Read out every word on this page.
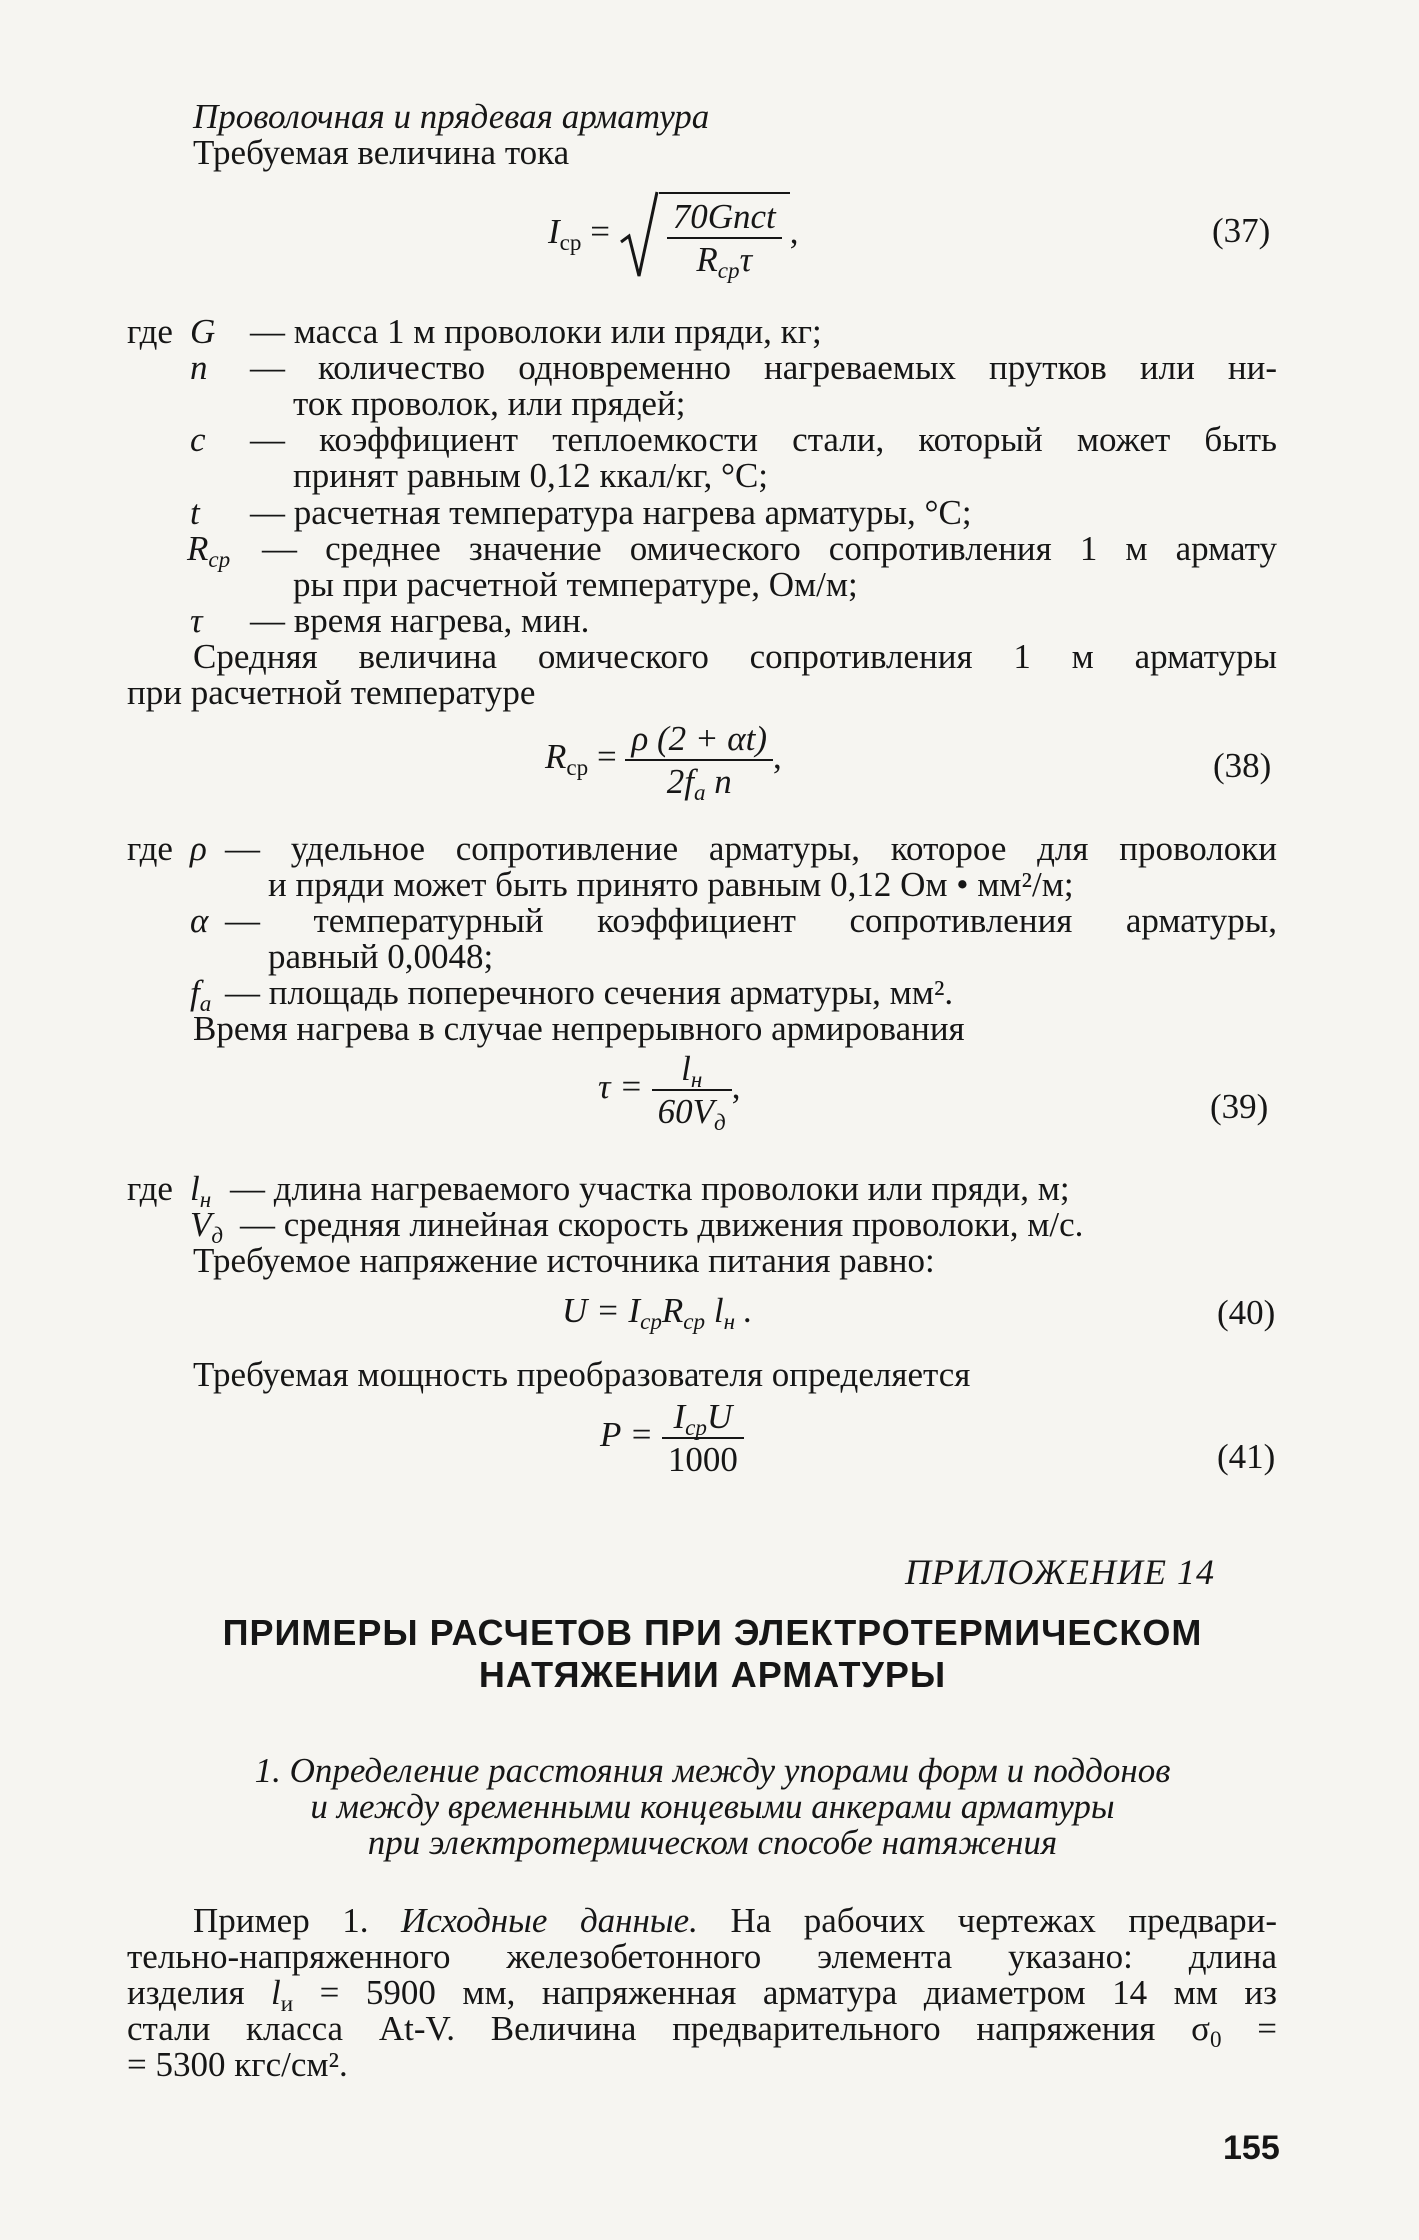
Проволочная и прядевая арматура
Требуемая величина тока
$I_{ср} = \frac{\text{70Gnct}}{R_{ср}\tau}$ ,	(37)
где G — масса 1 м проволоки или пряди, кг;
n — количество одновременно нагреваемых прутков или ни-
ток проволок, или прядей;
c — коэффициент теплоемкости стали, который может быть
принят равным 0,12 ккал/кг, °С;
t — расчетная температура нагрева арматуры, °С;
$R_{ср}$ — среднее значение омического сопротивления 1 м армату
ры при расчетной температуре, Ом/м;
τ — время нагрева, мин.
Средняя величина омического сопротивления 1 м арматуры
при расчетной температуре
$R_{ср} = \frac{\rho (2 + \alpha t)}{2f_а n}$ ,	(38)
где ρ — удельное сопротивление арматуры, которое для проволоки
и пряди может быть принято равным 0,12 Ом • мм²/м;
α — температурный коэффициент сопротивления арматуры,
равный 0,0048;
$f_а$ — площадь поперечного сечения арматуры, мм².
Время нагрева в случае непрерывного армирования
$\tau = \frac{l_н}{60V_д}$ ,
(39)
где $l_н$ — длина нагреваемого участка проволоки или пряди, м;
$V_д$ — средняя линейная скорость движения проволоки, м/с.
Требуемое напряжение источника питания равно:
$U = I_{ср}R_{ср}$ $l_н$ .	(40)
Требуемая мощность преобразователя определяется
$P = \frac{I_{ср}U}{1000}$	(41)
ПРИЛОЖЕНИЕ 14
ПРИМЕРЫ РАСЧЕТОВ ПРИ ЭЛЕКТРОТЕРМИЧЕСКОМ
НАТЯЖЕНИИ АРМАТУРЫ
1. Определение расстояния между упорами форм и поддонов
и между временными концевыми анкерами арматуры
при электротермическом способе натяжения
Пример 1. Исходные данные. На рабочих чертежах предвари-
тельно-напряженного железобетонного элемента указано: длина
изделия $l_и = 5900$ мм, напряженная арматура диаметром 14 мм из
стали класса At-V. Величина предварительного напряжения $\sigma_0$ =
= 5300 кгс/см².
155
